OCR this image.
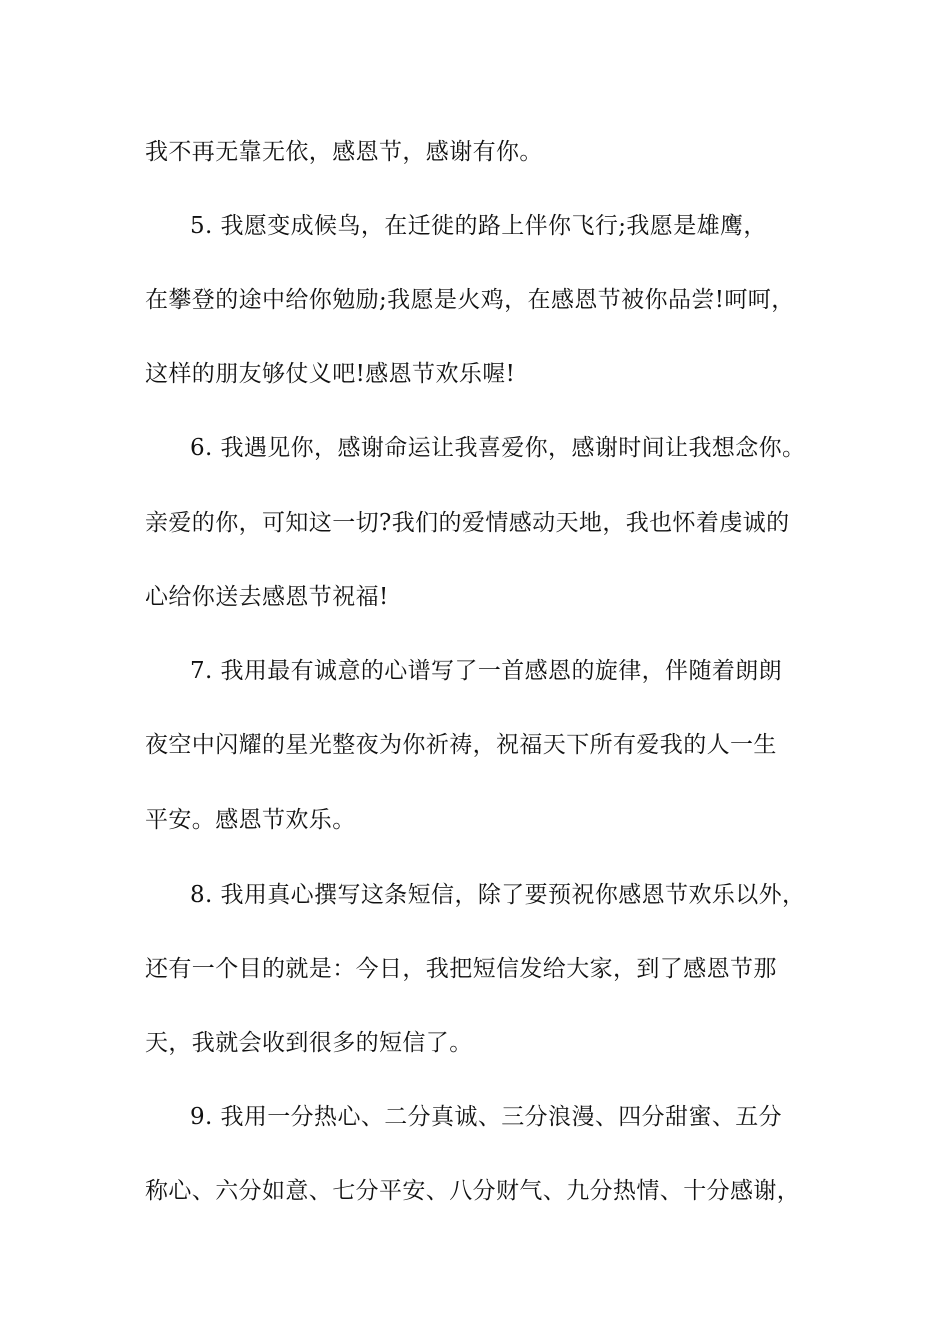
我不再无靠无依，感恩节，感谢有你。
5. 我愿变成候鸟，在迁徙的路上伴你飞行;我愿是雄鹰，
在攀登的途中给你勉励;我愿是火鸡，在感恩节被你品尝!呵呵，
这样的朋友够仗义吧!感恩节欢乐喔!
6. 我遇见你，感谢命运让我喜爱你，感谢时间让我想念你。
亲爱的你，可知这一切?我们的爱情感动天地，我也怀着虔诚的
心给你送去感恩节祝福!
7. 我用最有诚意的心谱写了一首感恩的旋律，伴随着朗朗
夜空中闪耀的星光整夜为你祈祷，祝福天下所有爱我的人一生
平安。感恩节欢乐。
8. 我用真心撰写这条短信，除了要预祝你感恩节欢乐以外，
还有一个目的就是：今日，我把短信发给大家，到了感恩节那
天，我就会收到很多的短信了。
9. 我用一分热心、二分真诚、三分浪漫、四分甜蜜、五分
称心、六分如意、七分平安、八分财气、九分热情、十分感谢，
